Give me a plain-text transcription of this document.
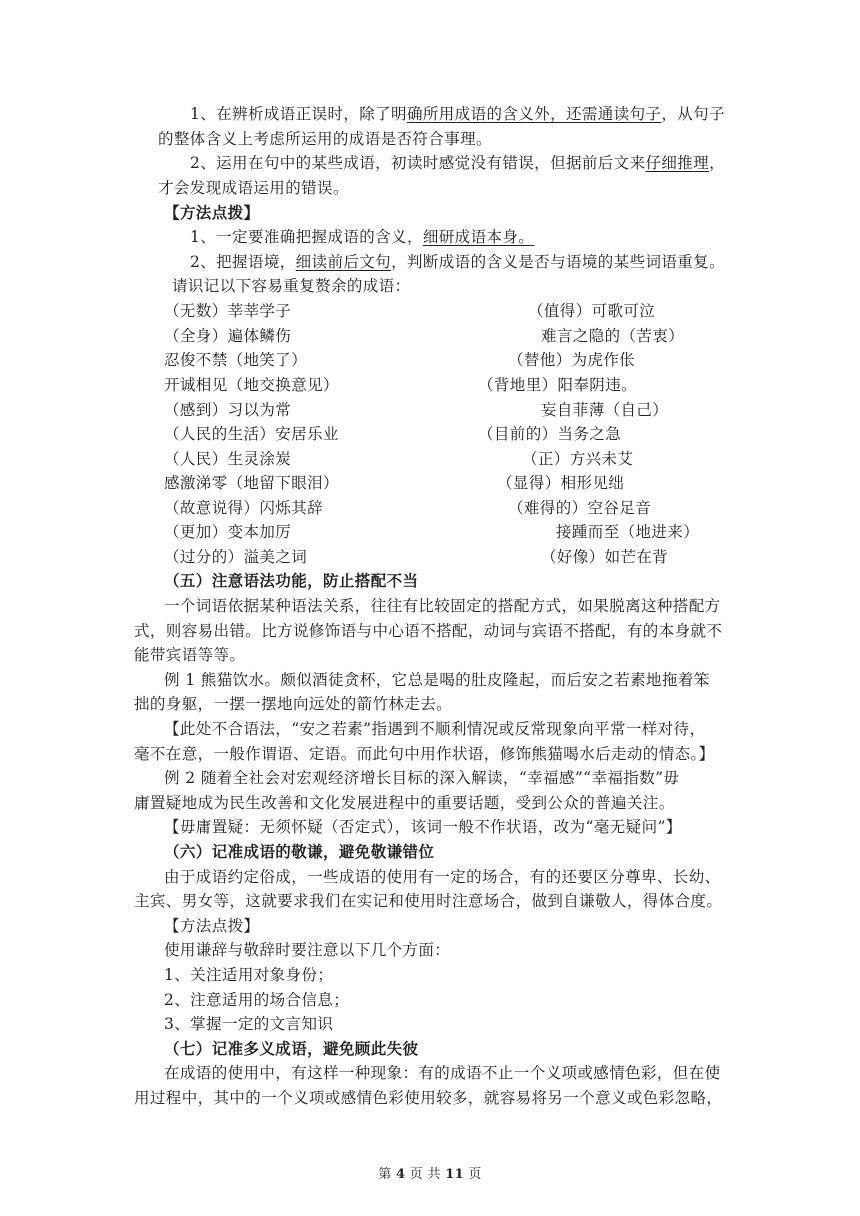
1、在辨析成语正误时，除了明确所用成语的含义外，还需通读句子，从句子
的整体含义上考虑所运用的成语是否符合事理。
2、运用在句中的某些成语，初读时感觉没有错误，但据前后文来仔细推理，
才会发现成语运用的错误。
【方法点拨】
1、一定要准确把握成语的含义，细研成语本身。
2、把握语境，细读前后文句，判断成语的含义是否与语境的某些词语重复。
请识记以下容易重复赘余的成语：
（无数）莘莘学子	（值得）可歌可泣
（全身）遍体鳞伤	难言之隐的（苦衷）
忍俊不禁（地笑了）	（替他）为虎作伥
开诚相见（地交换意见）	（背地里）阳奉阴违。
（感到）习以为常	妄自菲薄（自己）
（人民的生活）安居乐业	（目前的）当务之急
（人民）生灵涂炭	（正）方兴未艾
感激涕零（地留下眼泪）	（显得）相形见绌
（故意说得）闪烁其辞	（难得的）空谷足音
（更加）变本加厉	接踵而至（地进来）
（过分的）溢美之词	（好像）如芒在背
（五）注意语法功能，防止搭配不当
一个词语依据某种语法关系，往往有比较固定的搭配方式，如果脱离这种搭配方
式，则容易出错。比方说修饰语与中心语不搭配，动词与宾语不搭配，有的本身就不
能带宾语等等。
例 1 熊猫饮水。颇似酒徒贪杯，它总是喝的肚皮隆起，而后安之若素地拖着笨
拙的身躯，一摆一摆地向远处的箭竹林走去。
【此处不合语法，“安之若素”指遇到不顺利情况或反常现象向平常一样对待，
毫不在意，一般作谓语、定语。而此句中用作状语，修饰熊猫喝水后走动的情态。】
例 2 随着全社会对宏观经济增长目标的深入解读，“幸福感”“幸福指数”毋
庸置疑地成为民生改善和文化发展进程中的重要话题，受到公众的普遍关注。
【毋庸置疑：无须怀疑（否定式），该词一般不作状语，改为“毫无疑问”】
（六）记准成语的敬谦，避免敬谦错位
由于成语约定俗成，一些成语的使用有一定的场合，有的还要区分尊卑、长幼、
主宾、男女等，这就要求我们在实记和使用时注意场合，做到自谦敬人，得体合度。
【方法点拨】
使用谦辞与敬辞时要注意以下几个方面：
1、关注适用对象身份；
2、注意适用的场合信息；
3、掌握一定的文言知识
（七）记准多义成语，避免顾此失彼
在成语的使用中，有这样一种现象：有的成语不止一个义项或感情色彩，但在使
用过程中，其中的一个义项或感情色彩使用较多，就容易将另一个意义或色彩忽略，
第 4 页 共 11 页
